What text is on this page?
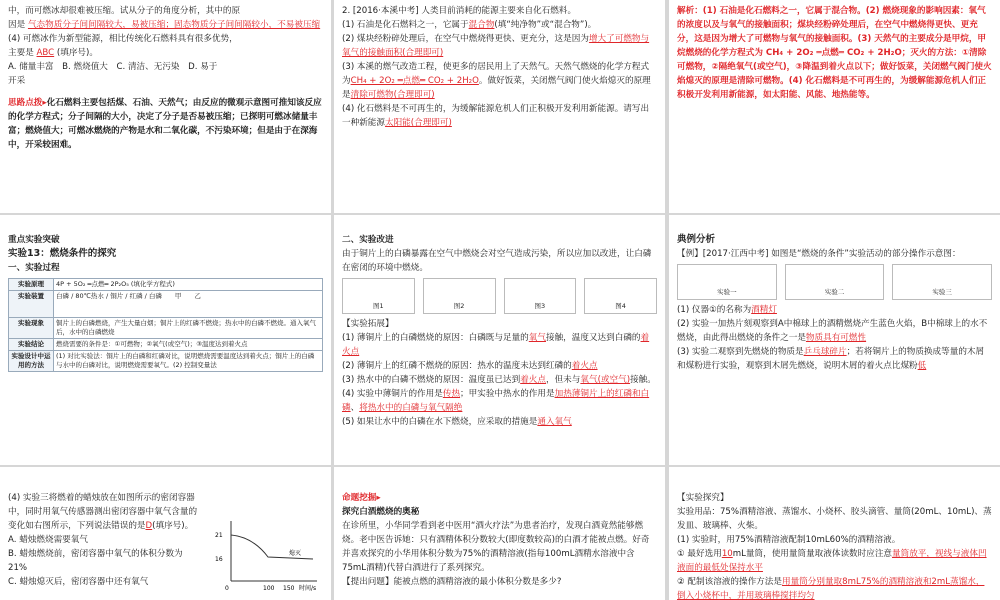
中，而可燃冰却很难被压缩。试从分子的角度分析，其中的原

因是 气态物质分子间间隔较大，易被压缩；固态物质分子间间隔较小，不易被压缩

(4) 可燃冰作为新型能源，相比传统化石燃料具有很多优势，

主要是 ABC (填序号)。

A. 储量丰富　B. 燃烧值大　C. 清洁、无污染　D. 易于

开采

思路点拨▸化石燃料主要包括煤、石油、天然气；由反应的微观示意图可推知该反应的化学方程式；分子间隔的大小，决定了分子是否易被压缩；已探明可燃冰储量丰富；燃烧值大；可燃冰燃烧的产物是水和二氧化碳，不污染环境；但是由于在深海中，开采较困难。

2. [2016·本溪中考] 人类目前消耗的能源主要来自化石燃料。

(1) 石油是化石燃料之一，它属于混合物(填“纯净物”或“混合物”)。

(2) 煤块经粉碎处理后，在空气中燃烧得更快、更充分，这是因为增大了可燃物与氧气的接触面积(合理即可)

(3) 本溪的燃气改造工程，使更多的居民用上了天然气。天然气燃烧的化学方程式为CH₄ + 2O₂ ═点燃═ CO₂ + 2H₂O。做好饭菜，关闭燃气阀门使火焰熄灭的原理是清除可燃物(合理即可)

(4) 化石燃料是不可再生的，为缓解能源危机人们正积极开发利用新能源。请写出一种新能源太阳能(合理即可)

解析：(1) 石油是化石燃料之一，它属于混合物。(2) 燃烧现象的影响因素：氧气的浓度以及与氧气的接触面积；煤块经粉碎处理后，在空气中燃烧得更快、更充分，这是因为增大了可燃物与氧气的接触面积。(3) 天然气的主要成分是甲烷，甲烷燃烧的化学方程式为 CH₄ + 2O₂ ═点燃═ CO₂ + 2H₂O；灭火的方法：①清除可燃物，②隔绝氧气(或空气)，③降温到着火点以下；做好饭菜，关闭燃气阀门使火焰熄灭的原理是清除可燃物。(4) 化石燃料是不可再生的，为缓解能源危机人们正积极开发利用新能源，如太阳能、风能、地热能等。

重点实验突破

实验13：燃烧条件的探究

一、实验过程

实验原理	4P + 5O₂ ═点燃═ 2P₂O₅ (填化学方程式)
实验装置	白磷 / 80℃热水 / 铜片 / 红磷 / 白磷　　甲　　乙
实验现象	铜片上的白磷燃烧，产生大量白烟；铜片上的红磷不燃烧；热水中的白磷不燃烧。通入氧气后，水中的白磷燃烧
实验结论	燃烧需要的条件是：①可燃物；②氧气(或空气)；③温度达到着火点
实验设计中运用的方法	(1) 对比实验法：铜片上的白磷和红磷对比，说明燃烧需要温度达到着火点；铜片上的白磷与水中的白磷对比，说明燃烧需要氧气。(2) 控制变量法

二、实验改进

由于铜片上的白磷暴露在空气中燃烧会对空气造成污染，所以应加以改进，让白磷在密闭的环境中燃烧。

图1	图2	图3	图4

【实验拓展】

(1) 薄铜片上的白磷燃烧的原因：白磷既与足量的氧气接触，温度又达到白磷的着火点

(2) 薄铜片上的红磷不燃烧的原因：热水的温度未达到红磷的着火点

(3) 热水中的白磷不燃烧的原因：温度虽已达到着火点，但未与氧气(或空气)接触。

(4) 实验中薄铜片的作用是传热；甲实验中热水的作用是加热薄铜片上的红磷和白磷、将热水中的白磷与氧气隔绝

(5) 如果让水中的白磷在水下燃烧，应采取的措施是通入氧气

典例分析

【例】[2017·江西中考] 如图是“燃烧的条件”实验活动的部分操作示意图：

实验一	实验二	实验三

(1) 仪器①的名称为酒精灯

(2) 实验一加热片刻观察到A中棉球上的酒精燃烧产生蓝色火焰，B中棉球上的水不燃烧，由此得出燃烧的条件之一是物质具有可燃性

(3) 实验二观察到先燃烧的物质是乒乓球碎片；若将铜片上的物质换成等量的木屑和煤粉进行实验，观察到木屑先燃烧，说明木屑的着火点比煤粉低

(4) 实验三将燃着的蜡烛放在如图所示的密闭容器中，同时用氧气传感器测出密闭容器中氧气含量的变化如右图所示，下列说法错误的是D(填序号)。

A. 蜡烛燃烧需要氧气

B. 蜡烛燃烧前，密闭容器中氧气的体积分数为21%

C. 蜡烛熄灭后，密闭容器中还有氧气

21
16
0	100 150 时间/s
熄灭

命题挖掘▸

探究白酒燃烧的奥秘

在诊所里，小华同学看到老中医用“酒火疗法”为患者治疗，发现白酒竟然能够燃烧。老中医告诉她：只有酒精体积分数较大(即度数较高)的白酒才能被点燃。好奇并喜欢探究的小华用体积分数为75%的酒精溶液(指每100mL酒精水溶液中含75mL酒精)代替白酒进行了系列探究。

【提出问题】能被点燃的酒精溶液的最小体积分数是多少?

【实验探究】

实验用品：75%酒精溶液、蒸馏水、小烧杯、胶头滴管、量筒(20mL、10mL)、蒸发皿、玻璃棒、火柴。

(1) 实验时，用75%酒精溶液配制10mL60%的酒精溶液。

① 最好选用10mL量筒，使用量筒量取液体读数时应注意量筒放平，视线与液体凹液面的最低处保持水平

② 配制该溶液的操作方法是用量筒分别量取8mL75%的酒精溶液和2mL蒸馏水，倒入小烧杯中，并用玻璃棒搅拌均匀
